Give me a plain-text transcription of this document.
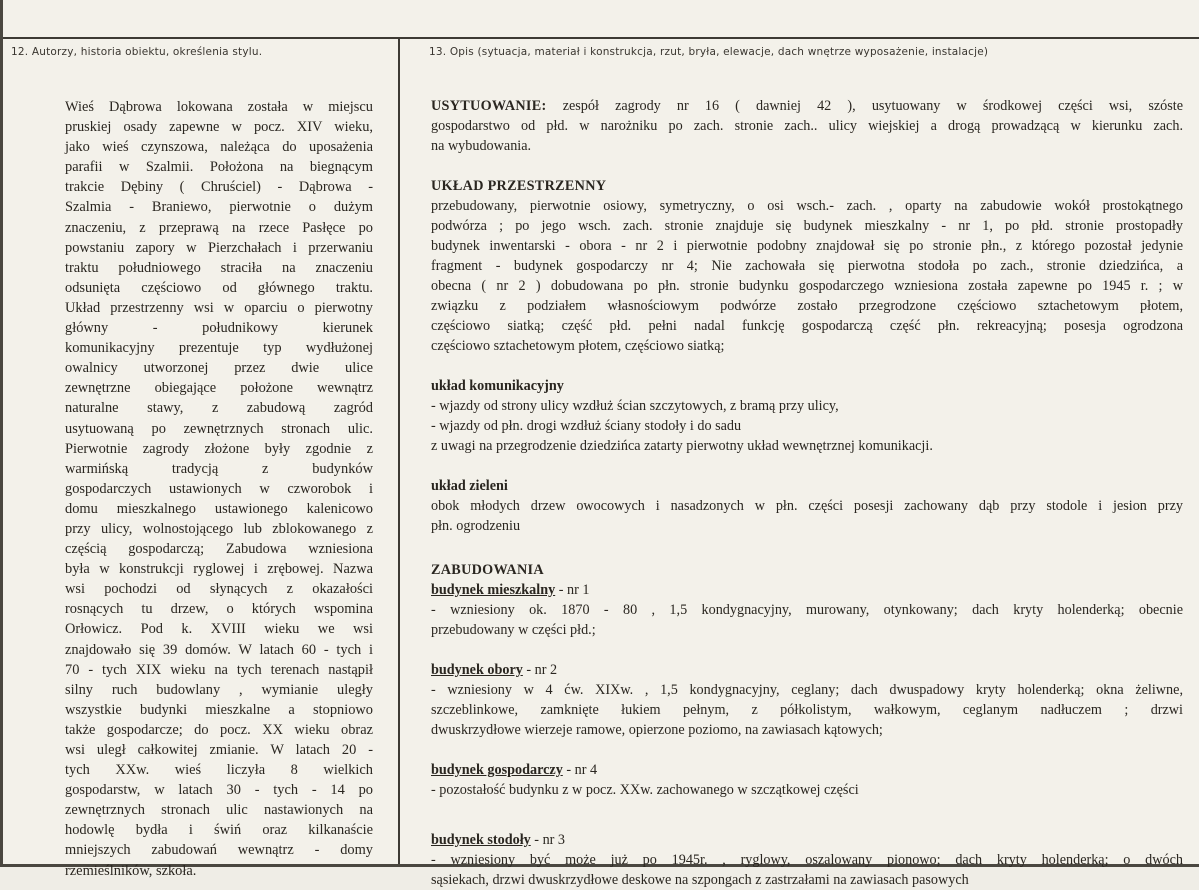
12. Autorzy, historia obiektu, określenia stylu.	13. Opis (sytuacja, materiał i konstrukcja, rzut, bryła, elewacje, dach wnętrze wyposażenie, instalacje)
Wieś Dąbrowa lokowana została w miejscu
pruskiej osady zapewne w pocz. XIV wieku,
jako wieś czynszowa, należąca do uposażenia
parafii w Szalmii. Położona na biegnącym
trakcie Dębiny ( Chruściel) - Dąbrowa -
Szalmia - Braniewo, pierwotnie o dużym
znaczeniu, z przeprawą na rzece Pasłęce po
powstaniu zapory w Pierzchałach i przerwaniu
traktu południowego straciła na znaczeniu
odsunięta częściowo od głównego traktu.
Układ przestrzenny wsi w oparciu o pierwotny
główny - południkowy kierunek
komunikacyjny prezentuje typ wydłużonej
owalnicy utworzonej przez dwie ulice
zewnętrzne obiegające położone wewnątrz
naturalne stawy, z zabudową zagród
usytuowaną po zewnętrznych stronach ulic.
Pierwotnie zagrody złożone były zgodnie z
warmińską tradycją z budynków
gospodarczych ustawionych w czworobok i
domu mieszkalnego ustawionego kalenicowo
przy ulicy, wolnostojącego lub zblokowanego z
częścią gospodarczą; Zabudowa wzniesiona
była w konstrukcji ryglowej i zrębowej. Nazwa
wsi pochodzi od słynących z okazałości
rosnących tu drzew, o których wspomina
Orłowicz. Pod k. XVIII wieku we wsi
znajdowało się 39 domów. W latach 60 - tych i
70 - tych XIX wieku na tych terenach nastąpił
silny ruch budowlany , wymianie uległy
wszystkie budynki mieszkalne a stopniowo
także gospodarcze; do pocz. XX wieku obraz
wsi uległ całkowitej zmianie. W latach 20 -
tych XXw. wieś liczyła 8 wielkich
gospodarstw, w latach 30 - tych - 14 po
zewnętrznych stronach ulic nastawionych na
hodowlę bydła i świń oraz kilkanaście
mniejszych zabudowań wewnątrz - domy
rzemieślników, szkoła.

USYTUOWANIE: zespół zagrody nr 16 ( dawniej 42 ), usytuowany w środkowej części wsi, szóste

gospodarstwo od płd. w narożniku po zach. stronie zach.. ulicy wiejskiej a drogą prowadzącą w kierunku zach.
na wybudowania.

UKŁAD PRZESTRZENNY

przebudowany, pierwotnie osiowy, symetryczny, o osi wsch.- zach. , oparty na zabudowie wokół prostokątnego
podwórza ; po jego wsch. zach. stronie znajduje się budynek mieszkalny - nr 1, po płd. stronie prostopadły
budynek inwentarski - obora - nr 2 i pierwotnie podobny znajdował się po stronie płn., z którego pozostał jedynie
fragment - budynek gospodarczy nr 4; Nie zachowała się pierwotna stodoła po zach., stronie dziedzińca, a
obecna ( nr 2 ) dobudowana po płn. stronie budynku gospodarczego wzniesiona została zapewne po 1945 r. ; w
związku z podziałem własnościowym podwórze zostało przegrodzone częściowo sztachetowym płotem,
częściowo siatką; część płd. pełni nadal funkcję gospodarczą część płn. rekreacyjną; posesja ogrodzona
częściowo sztachetowym płotem, częściowo siatką;

układ komunikacyjny

- wjazdy od strony ulicy wzdłuż ścian szczytowych, z bramą przy ulicy,
- wjazdy od płn. drogi wzdłuż ściany stodoły i do sadu
z uwagi na przegrodzenie dziedzińca zatarty pierwotny układ wewnętrznej komunikacji.

układ zieleni

obok młodych drzew owocowych i nasadzonych w płn. części posesji zachowany dąb przy stodole i jesion przy
płn. ogrodzeniu

ZABUDOWANIA

budynek mieszkalny - nr 1
- wzniesiony ok. 1870 - 80 , 1,5 kondygnacyjny, murowany, otynkowany; dach kryty holenderką; obecnie
przebudowany w części płd.;
budynek obory - nr 2
- wzniesiony w 4 ćw. XIXw. , 1,5 kondygnacyjny, ceglany; dach dwuspadowy kryty holenderką; okna żeliwne,
szczeblinkowe, zamknięte łukiem pełnym, z półkolistym, wałkowym, ceglanym nadłuczem ; drzwi
dwuskrzydłowe wierzeje ramowe, opierzone poziomo, na zawiasach kątowych;
budynek gospodarczy - nr 4
- pozostałość budynku z w pocz. XXw. zachowanego w szczątkowej części
budynek stodoły - nr 3
- wzniesiony być może już po 1945r. , ryglowy, oszalowany pionowo; dach kryty holenderką; o dwóch
sąsiekach, drzwi dwuskrzydłowe deskowe na szpongach z zastrzałami na zawiasach pasowych
